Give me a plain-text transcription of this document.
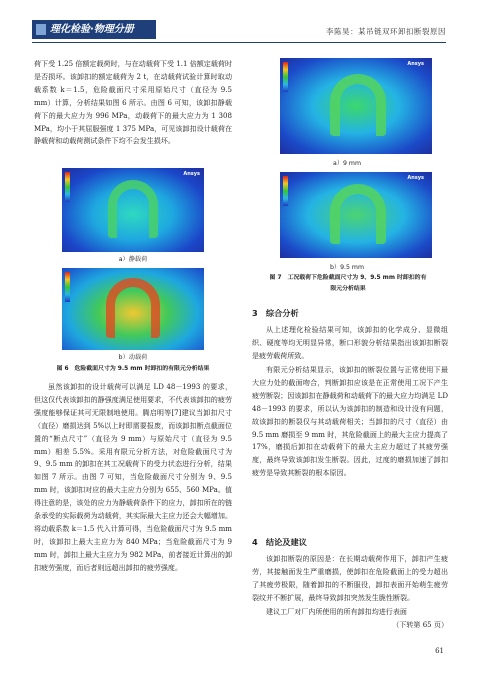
理化检验·物理分册	李陈昊：某吊链双环卸扣断裂原因

荷下受 1.25 倍额定载荷时，与在动载荷下受 1.1 倍额定载荷时是否损坏。该卸扣的额定载荷为 2 t，在动载荷试验计算时取动载系数 k＝1.5，危险截面尺寸采用原始尺寸（直径为 9.5 mm）计算，分析结果如图 6 所示。由图 6 可知，该卸扣静载荷下的最大应力为 996 MPa，动载荷下的最大应力为 1 308 MPa，均小于其屈服强度 1 375 MPa，可见该卸扣设计载荷在静载荷和动载荷测试条件下均不会发生损坏。

Ansys
a）静载荷
b）动载荷
图 6　危险截面尺寸为 9.5 mm 时卸扣的有限元分析结果

虽然该卸扣的设计载荷可以满足 LD 48－1993 的要求，但这仅代表该卸扣的静强度满足使用要求，不代表该卸扣的疲劳强度能够保证其可无限制地使用。腾启明等[7]建议当卸扣尺寸（直径）磨损达到 5%以上时即需要报废，而该卸扣断点截面位置的“断点尺寸”（直径为 9 mm）与原始尺寸（直径为 9.5 mm）相差 5.5%。采用有限元分析方法，对危险截面尺寸为 9、9.5 mm 的卸扣在其工况载荷下的受力状态进行分析，结果如图 7 所示。由图 7 可知，当危险截面尺寸分别为 9、9.5 mm 时，该卸扣对应的最大主应力分别为 655、560 MPa。值得注意的是，该处的应力为静载荷条件下的应力，卸扣所在的链条承受的实际载荷为动载荷，其实际最大主应力还会大幅增加。将动载系数 k＝1.5 代入计算可得，当危险截面尺寸为 9.5 mm 时，该卸扣上最大主应力为 840 MPa；当危险截面尺寸为 9 mm 时，卸扣上最大主应力为 982 MPa，前者接近计算出的卸扣疲劳强度，而后者则远超出卸扣的疲劳强度。

Ansys
a）9 mm
Ansys
b）9.5 mm
图 7　工况载荷下危险截面尺寸为 9、9.5 mm 时卸扣的有限元分析结果
3　综合分析

从上述理化检验结果可知，该卸扣的化学成分、显微组织、硬度等均无明显异常，断口形貌分析结果指出该卸扣断裂是疲劳载荷所致。

有限元分析结果显示，该卸扣的断裂位置与正常使用下最大应力处的截面吻合，判断卸扣应该是在正常使用工况下产生疲劳断裂；因该卸扣在静载荷和动载荷下的最大应力均满足 LD 48－1993 的要求，所以认为该卸扣的制造和设计没有问题，故该卸扣的断裂仅与其动载荷相关；当卸扣的尺寸（直径）由 9.5 mm 磨损至 9 mm 时，其危险截面上的最大主应力提高了 17%，磨损后卸扣在动载荷下的最大主应力超过了其疲劳强度，最终导致该卸扣发生断裂。因此，过度的磨损加速了卸扣疲劳是导致其断裂的根本原因。

4　结论及建议

该卸扣断裂的原因是：在长期动载荷作用下，卸扣产生疲劳，其接触面发生严重磨损，使卸扣在危险截面上的受力超出了其疲劳极限，随着卸扣的不断服役，卸扣表面开始萌生疲劳裂纹并不断扩展，最终导致卸扣突然发生脆性断裂。

建议工厂对厂内所使用的所有卸扣均进行表面

（下转第 65 页）
61
